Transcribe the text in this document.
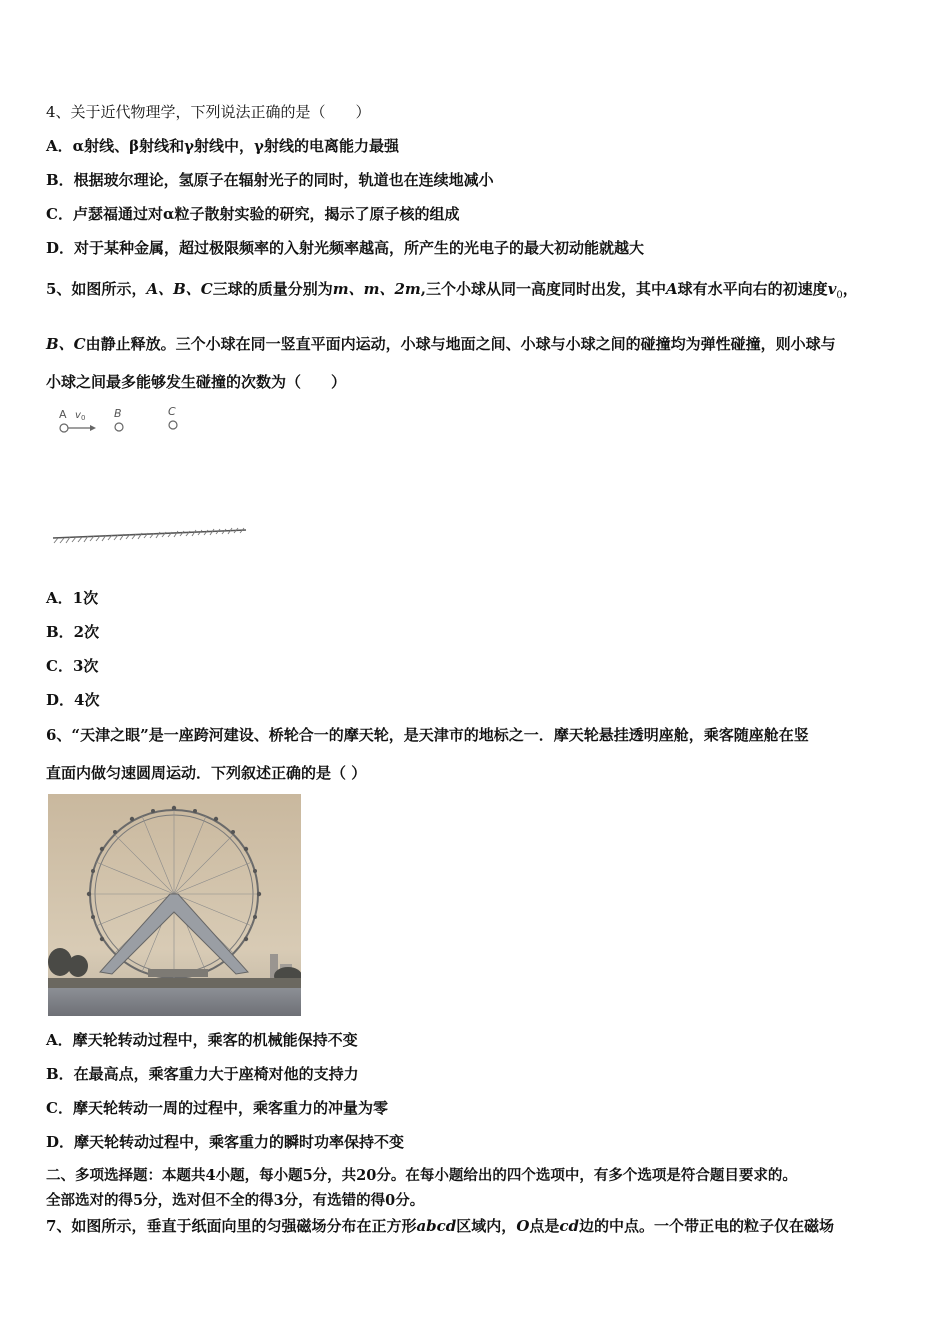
4、关于近代物理学，下列说法正确的是（　　）
A．α射线、β射线和γ射线中，γ射线的电离能力最强
B．根据玻尔理论，氢原子在辐射光子的同时，轨道也在连续地减小
C．卢瑟福通过对α粒子散射实验的研究，揭示了原子核的组成
D．对于某种金属，超过极限频率的入射光频率越高，所产生的光电子的最大初动能就越大
5、如图所示，A、B、C三球的质量分别为m、m、2m,三个小球从同一高度同时出发，其中A球有水平向右的初速度$v_0$，
B、C由静止释放。三个小球在同一竖直平面内运动，小球与地面之间、小球与小球之间的碰撞均为弹性碰撞，则小球与
小球之间最多能够发生碰撞的次数为（　　）
A v 0	B	C
A．1次
B．2次
C．3次
D．4次
6、“天津之眼”是一座跨河建设、桥轮合一的摩天轮，是天津市的地标之一．摩天轮悬挂透明座舱，乘客随座舱在竖
直面内做匀速圆周运动．下列叙述正确的是（ ）
A．摩天轮转动过程中，乘客的机械能保持不变
B．在最高点，乘客重力大于座椅对他的支持力
C．摩天轮转动一周的过程中，乘客重力的冲量为零
D．摩天轮转动过程中，乘客重力的瞬时功率保持不变
二、多项选择题：本题共4小题，每小题5分，共20分。在每小题给出的四个选项中，有多个选项是符合题目要求的。
全部选对的得5分，选对但不全的得3分，有选错的得0分。
7、如图所示，垂直于纸面向里的匀强磁场分布在正方形abcd区域内，O点是cd边的中点。一个带正电的粒子仅在磁场
